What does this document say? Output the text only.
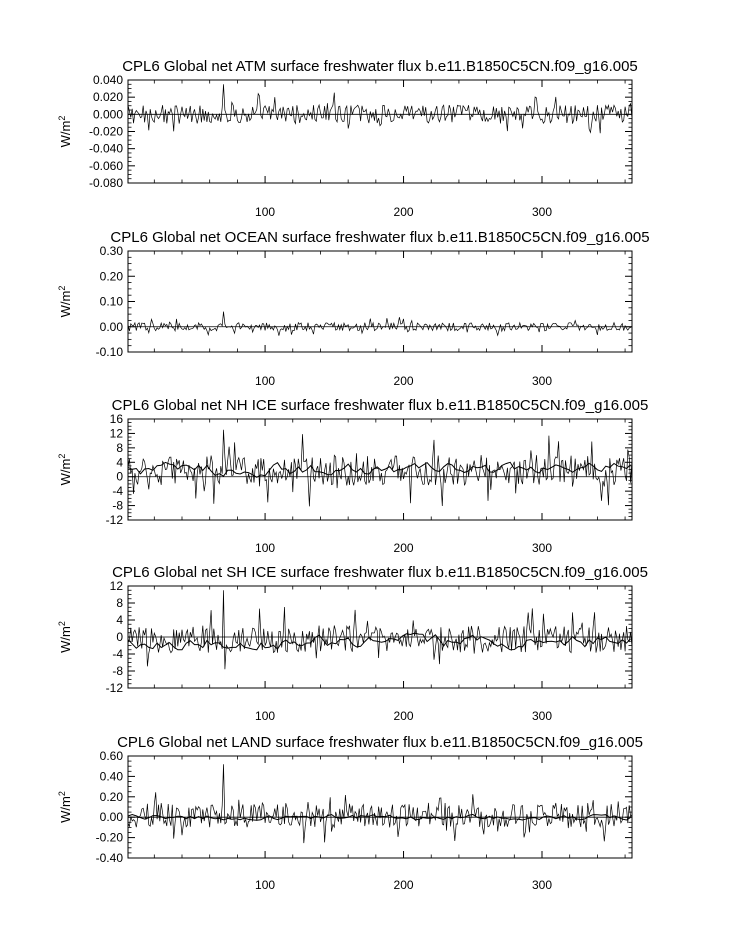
CPL6 Global net ATM surface freshwater flux b.e11.B1850C5CN.f09_g16.005
$W/m^2$
-0.080
-0.060
-0.040
-0.020
0.000
0.020
0.040
100	200	300
CPL6 Global net OCEAN surface freshwater flux b.e11.B1850C5CN.f09_g16.005
$W/m^2$
-0.10
0.00
0.10
0.20
0.30
100	200	300
CPL6 Global net NH ICE surface freshwater flux b.e11.B1850C5CN.f09_g16.005
$W/m^2$
-12
-8
-4
0
4
8
12
16
100	200	300
CPL6 Global net SH ICE surface freshwater flux b.e11.B1850C5CN.f09_g16.005
$W/m^2$
-12
-8
-4
0
4
8
12
100	200	300
CPL6 Global net LAND surface freshwater flux b.e11.B1850C5CN.f09_g16.005
$W/m^2$
-0.40
-0.20
0.00
0.20
0.40
0.60
100	200	300
